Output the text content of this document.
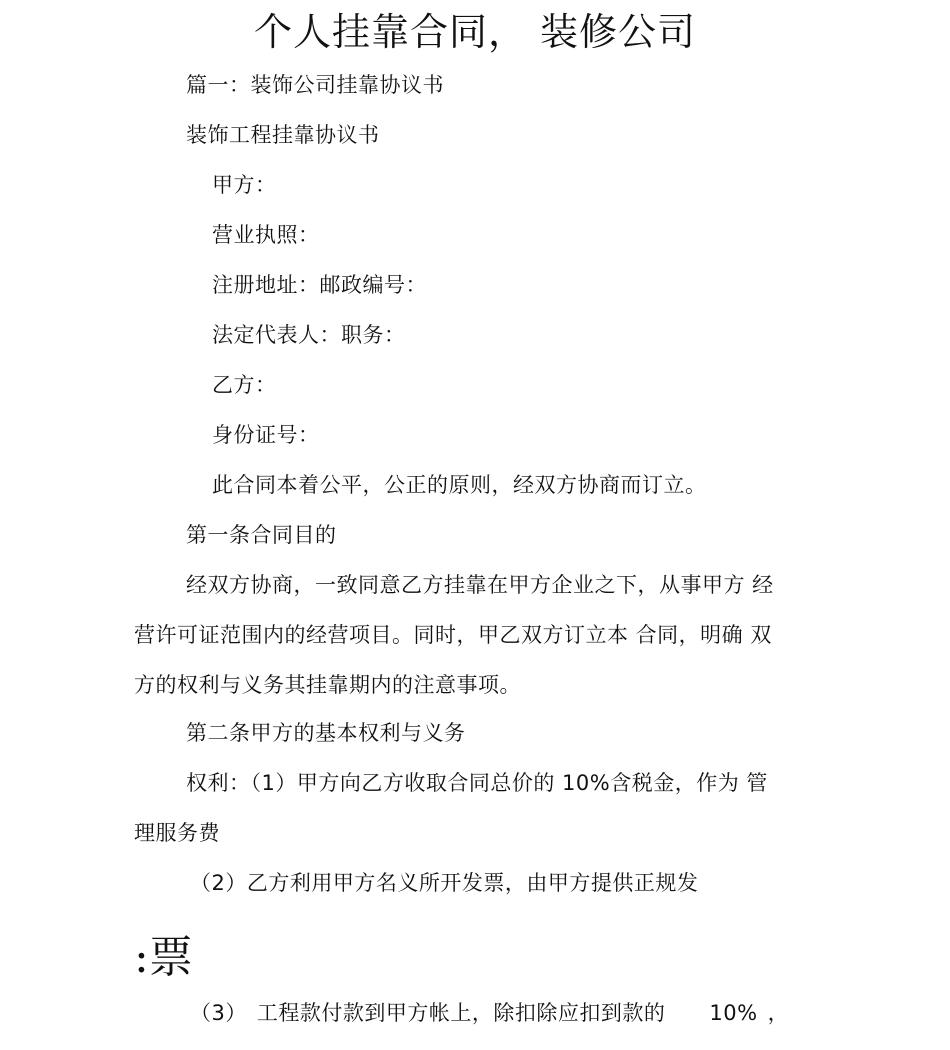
个人挂靠合同， 装修公司
篇一：装饰公司挂靠协议书
装饰工程挂靠协议书
甲方：
营业执照：
注册地址：邮政编号：
法定代表人：职务：
乙方：
身份证号：
此合同本着公平，公正的原则，经双方协商而订立。
第一条合同目的
经双方协商，一致同意乙方挂靠在甲方企业之下，从事甲方 经
营许可证范围内的经营项目。同时，甲乙双方订立本 合同，明确 双
方的权利与义务其挂靠期内的注意事项。
第二条甲方的基本权利与义务
权利：（1）甲方向乙方收取合同总价的 10%含税金，作为 管
理服务费
（2）乙方利用甲方名义所开发票，由甲方提供正规发
:票
（3） 工程款付款到甲方帐上，除扣除应扣到款的 10% ，
